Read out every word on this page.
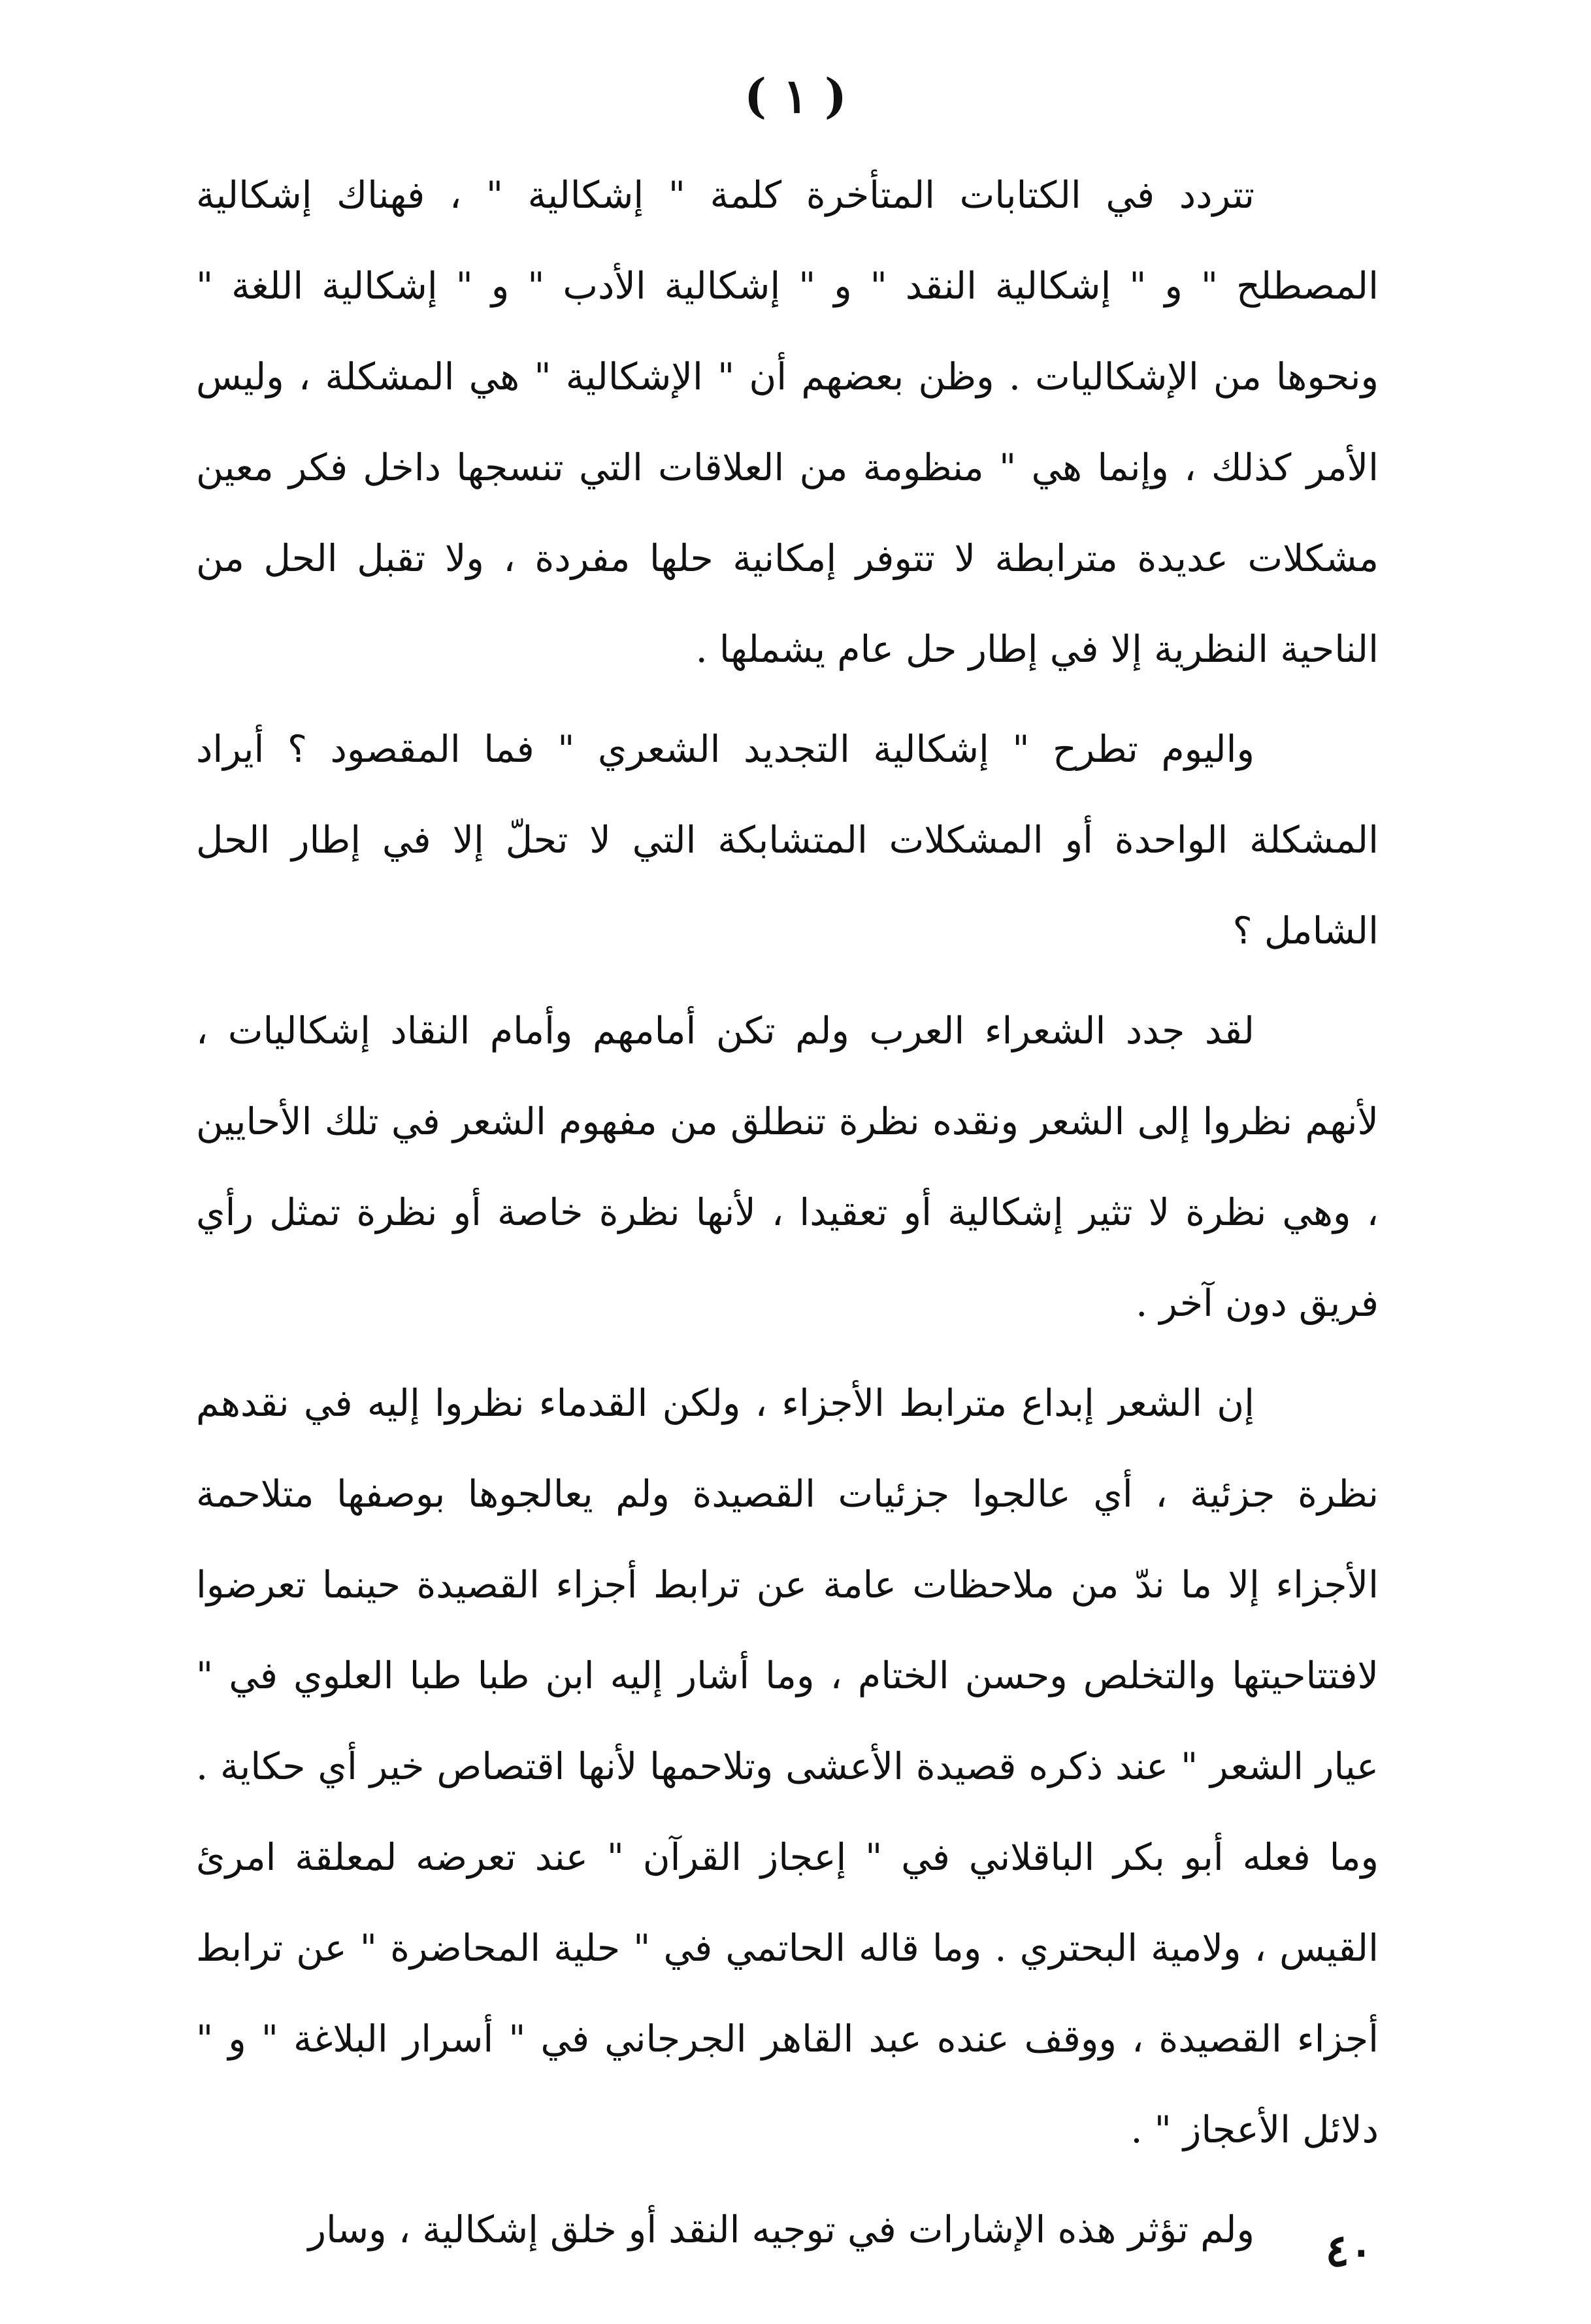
( ١ )

تتردد في الكتابات المتأخرة كلمة " إشكالية " ، فهناك إشكالية المصطلح " و " إشكالية النقد " و " إشكالية الأدب " و " إشكالية اللغة " ونحوها من الإشكاليات . وظن بعضهم أن " الإشكالية " هي المشكلة ، وليس الأمر كذلك ، وإنما هي " منظومة من العلاقات التي تنسجها داخل فكر معين مشكلات عديدة مترابطة لا تتوفر إمكانية حلها مفردة ، ولا تقبل الحل من الناحية النظرية إلا في إطار حل عام يشملها .

واليوم تطرح " إشكالية التجديد الشعري " فما المقصود ؟ أيراد المشكلة الواحدة أو المشكلات المتشابكة التي لا تحلّ إلا في إطار الحل الشامل ؟

لقد جدد الشعراء العرب ولم تكن أمامهم وأمام النقاد إشكاليات ، لأنهم نظروا إلى الشعر ونقده نظرة تنطلق من مفهوم الشعر في تلك الأحايين ، وهي نظرة لا تثير إشكالية أو تعقيدا ، لأنها نظرة خاصة أو نظرة تمثل رأي فريق دون آخر .

إن الشعر إبداع مترابط الأجزاء ، ولكن القدماء نظروا إليه في نقدهم نظرة جزئية ، أي عالجوا جزئيات القصيدة ولم يعالجوها بوصفها متلاحمة الأجزاء إلا ما ندّ من ملاحظات عامة عن ترابط أجزاء القصيدة حينما تعرضوا لافتتاحيتها والتخلص وحسن الختام ، وما أشار إليه ابن طبا طبا العلوي في " عيار الشعر " عند ذكره قصيدة الأعشى وتلاحمها لأنها اقتصاص خير أي حكاية . وما فعله أبو بكر الباقلاني في " إعجاز القرآن " عند تعرضه لمعلقة امرئ القيس ، ولامية البحتري . وما قاله الحاتمي في " حلية المحاضرة " عن ترابط أجزاء القصيدة ، ووقف عنده عبد القاهر الجرجاني في " أسرار البلاغة " و " دلائل الأعجاز " .

ولم تؤثر هذه الإشارات في توجيه النقد أو خلق إشكالية ، وسار	٤٠
